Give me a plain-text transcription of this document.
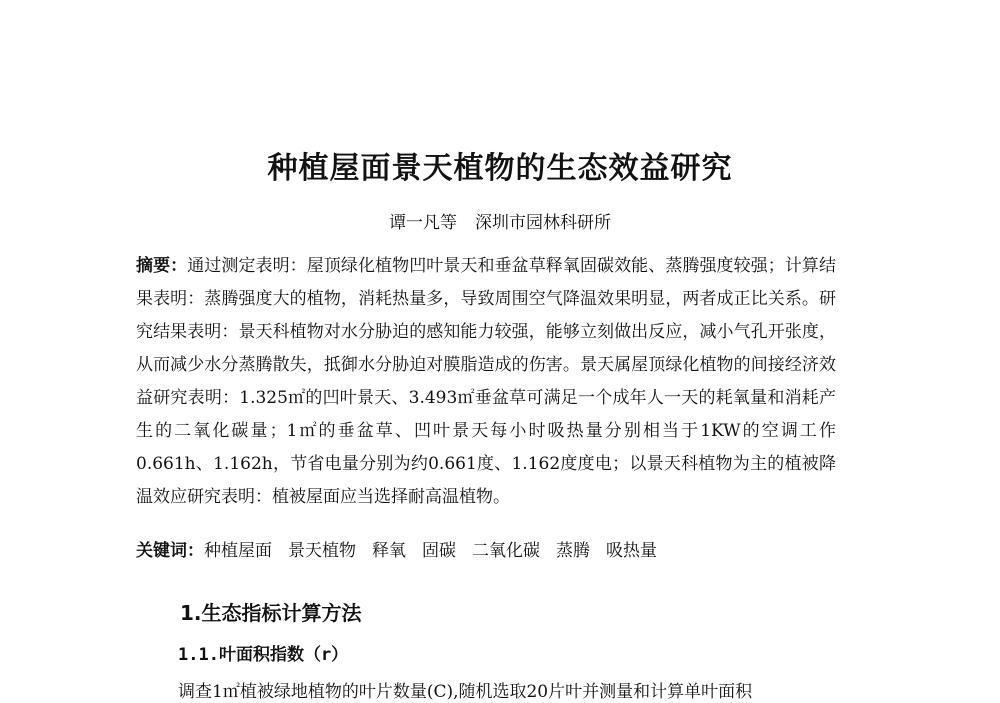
种植屋面景天植物的生态效益研究
谭一凡等 深圳市园林科研所

摘要：通过测定表明：屋顶绿化植物凹叶景天和垂盆草释氧固碳效能、蒸腾强度较强；计算结果表明：蒸腾强度大的植物，消耗热量多，导致周围空气降温效果明显，两者成正比关系。研究结果表明：景天科植物对水分胁迫的感知能力较强，能够立刻做出反应，减小气孔开张度，从而减少水分蒸腾散失，抵御水分胁迫对膜脂造成的伤害。景天属屋顶绿化植物的间接经济效益研究表明：1.325㎡的凹叶景天、3.493㎡垂盆草可满足一个成年人一天的耗氧量和消耗产生的二氧化碳量；1㎡的垂盆草、凹叶景天每小时吸热量分别相当于1KW的空调工作0.661h、1.162h，节省电量分别为约0.661度、1.162度度电；以景天科植物为主的植被降温效应研究表明：植被屋面应当选择耐高温植物。

关键词：种植屋面 景天植物 释氧 固碳 二氧化碳 蒸腾 吸热量
1.生态指标计算方法
1.1.叶面积指数（r）

调查1㎡植被绿地植物的叶片数量(C),随机选取20片叶并测量和计算单叶面积
